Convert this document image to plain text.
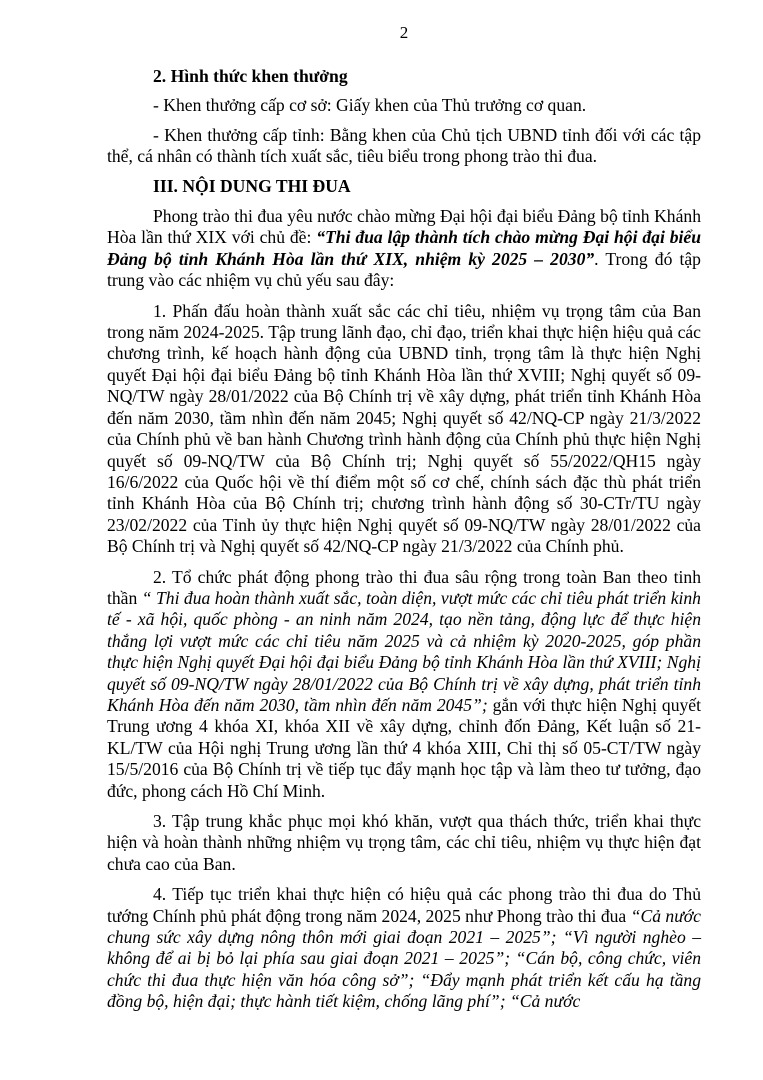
2

2. Hình thức khen thưởng

- Khen thưởng cấp cơ sở: Giấy khen của Thủ trưởng cơ quan.

- Khen thưởng cấp tỉnh: Bằng khen của Chủ tịch UBND tỉnh đối với các tập thể, cá nhân có thành tích xuất sắc, tiêu biểu trong phong trào thi đua.

III. NỘI DUNG THI ĐUA

Phong trào thi đua yêu nước chào mừng Đại hội đại biểu Đảng bộ tỉnh Khánh Hòa lần thứ XIX với chủ đề: “Thi đua lập thành tích chào mừng Đại hội đại biểu Đảng bộ tỉnh Khánh Hòa lần thứ XIX, nhiệm kỳ 2025 – 2030”. Trong đó tập trung vào các nhiệm vụ chủ yếu sau đây:

1. Phấn đấu hoàn thành xuất sắc các chỉ tiêu, nhiệm vụ trọng tâm của Ban trong năm 2024-2025. Tập trung lãnh đạo, chỉ đạo, triển khai thực hiện hiệu quả các chương trình, kế hoạch hành động của UBND tỉnh, trọng tâm là thực hiện Nghị quyết Đại hội đại biểu Đảng bộ tỉnh Khánh Hòa lần thứ XVIII; Nghị quyết số 09-NQ/TW ngày 28/01/2022 của Bộ Chính trị về xây dựng, phát triển tỉnh Khánh Hòa đến năm 2030, tầm nhìn đến năm 2045; Nghị quyết số 42/NQ-CP ngày 21/3/2022 của Chính phủ về ban hành Chương trình hành động của Chính phủ thực hiện Nghị quyết số 09-NQ/TW của Bộ Chính trị; Nghị quyết số 55/2022/QH15 ngày 16/6/2022 của Quốc hội về thí điểm một số cơ chế, chính sách đặc thù phát triển tỉnh Khánh Hòa của Bộ Chính trị; chương trình hành động số 30-CTr/TU ngày 23/02/2022 của Tỉnh ủy thực hiện Nghị quyết số 09-NQ/TW ngày 28/01/2022 của Bộ Chính trị và Nghị quyết số 42/NQ-CP ngày 21/3/2022 của Chính phủ.

2. Tổ chức phát động phong trào thi đua sâu rộng trong toàn Ban theo tinh thần “ Thi đua hoàn thành xuất sắc, toàn diện, vượt mức các chỉ tiêu phát triển kinh tế - xã hội, quốc phòng - an ninh năm 2024, tạo nền tảng, động lực để thực hiện thắng lợi vượt mức các chỉ tiêu năm 2025 và cả nhiệm kỳ 2020-2025, góp phần thực hiện Nghị quyết Đại hội đại biểu Đảng bộ tỉnh Khánh Hòa lần thứ XVIII; Nghị quyết số 09-NQ/TW ngày 28/01/2022 của Bộ Chính trị về xây dựng, phát triển tỉnh Khánh Hòa đến năm 2030, tầm nhìn đến năm 2045”; gắn với thực hiện Nghị quyết Trung ương 4 khóa XI, khóa XII về xây dựng, chỉnh đốn Đảng, Kết luận số 21-KL/TW của Hội nghị Trung ương lần thứ 4 khóa XIII, Chỉ thị số 05-CT/TW ngày 15/5/2016 của Bộ Chính trị về tiếp tục đẩy mạnh học tập và làm theo tư tưởng, đạo đức, phong cách Hồ Chí Minh.

3. Tập trung khắc phục mọi khó khăn, vượt qua thách thức, triển khai thực hiện và hoàn thành những nhiệm vụ trọng tâm, các chỉ tiêu, nhiệm vụ thực hiện đạt chưa cao của Ban.

4. Tiếp tục triển khai thực hiện có hiệu quả các phong trào thi đua do Thủ tướng Chính phủ phát động trong năm 2024, 2025 như Phong trào thi đua “Cả nước chung sức xây dựng nông thôn mới giai đoạn 2021 – 2025”; “Vì người nghèo – không để ai bị bỏ lại phía sau giai đoạn 2021 – 2025”; “Cán bộ, công chức, viên chức thi đua thực hiện văn hóa công sở”; “Đẩy mạnh phát triển kết cấu hạ tầng đồng bộ, hiện đại; thực hành tiết kiệm, chống lãng phí”; “Cả nước
